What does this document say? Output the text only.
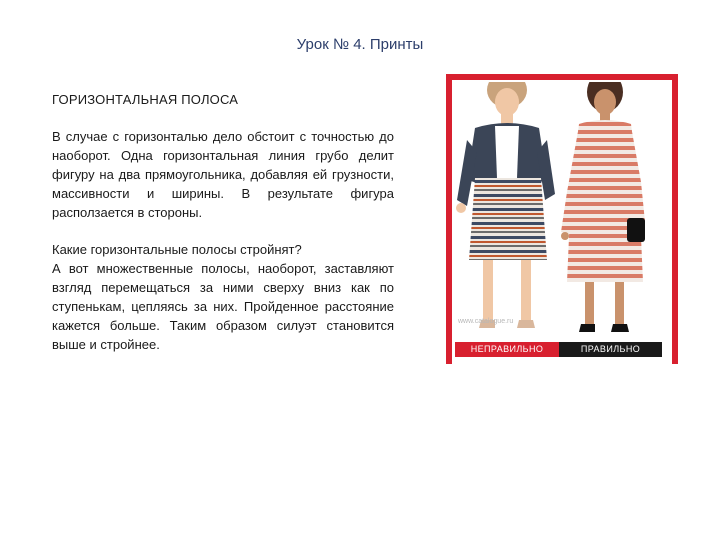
Урок № 4. Принты

ГОРИЗОНТАЛЬНАЯ ПОЛОСА

В случае с горизонталью дело обстоит с точностью до наоборот. Одна горизонтальная линия грубо делит фигуру на два прямоугольника, добавляя ей грузности, массивности и ширины. В результате фигура расползается в стороны.

Какие горизонтальные полосы стройнят?
А вот множественные полосы, наоборот, заставляют взгляд перемещаться за ними сверху вниз как по ступенькам, цепляясь за них. Пройденное расстояние кажется больше. Таким образом силуэт становится выше и стройнее.
www.catalogue.ru
НЕПРАВИЛЬНО	ПРАВИЛЬНО
